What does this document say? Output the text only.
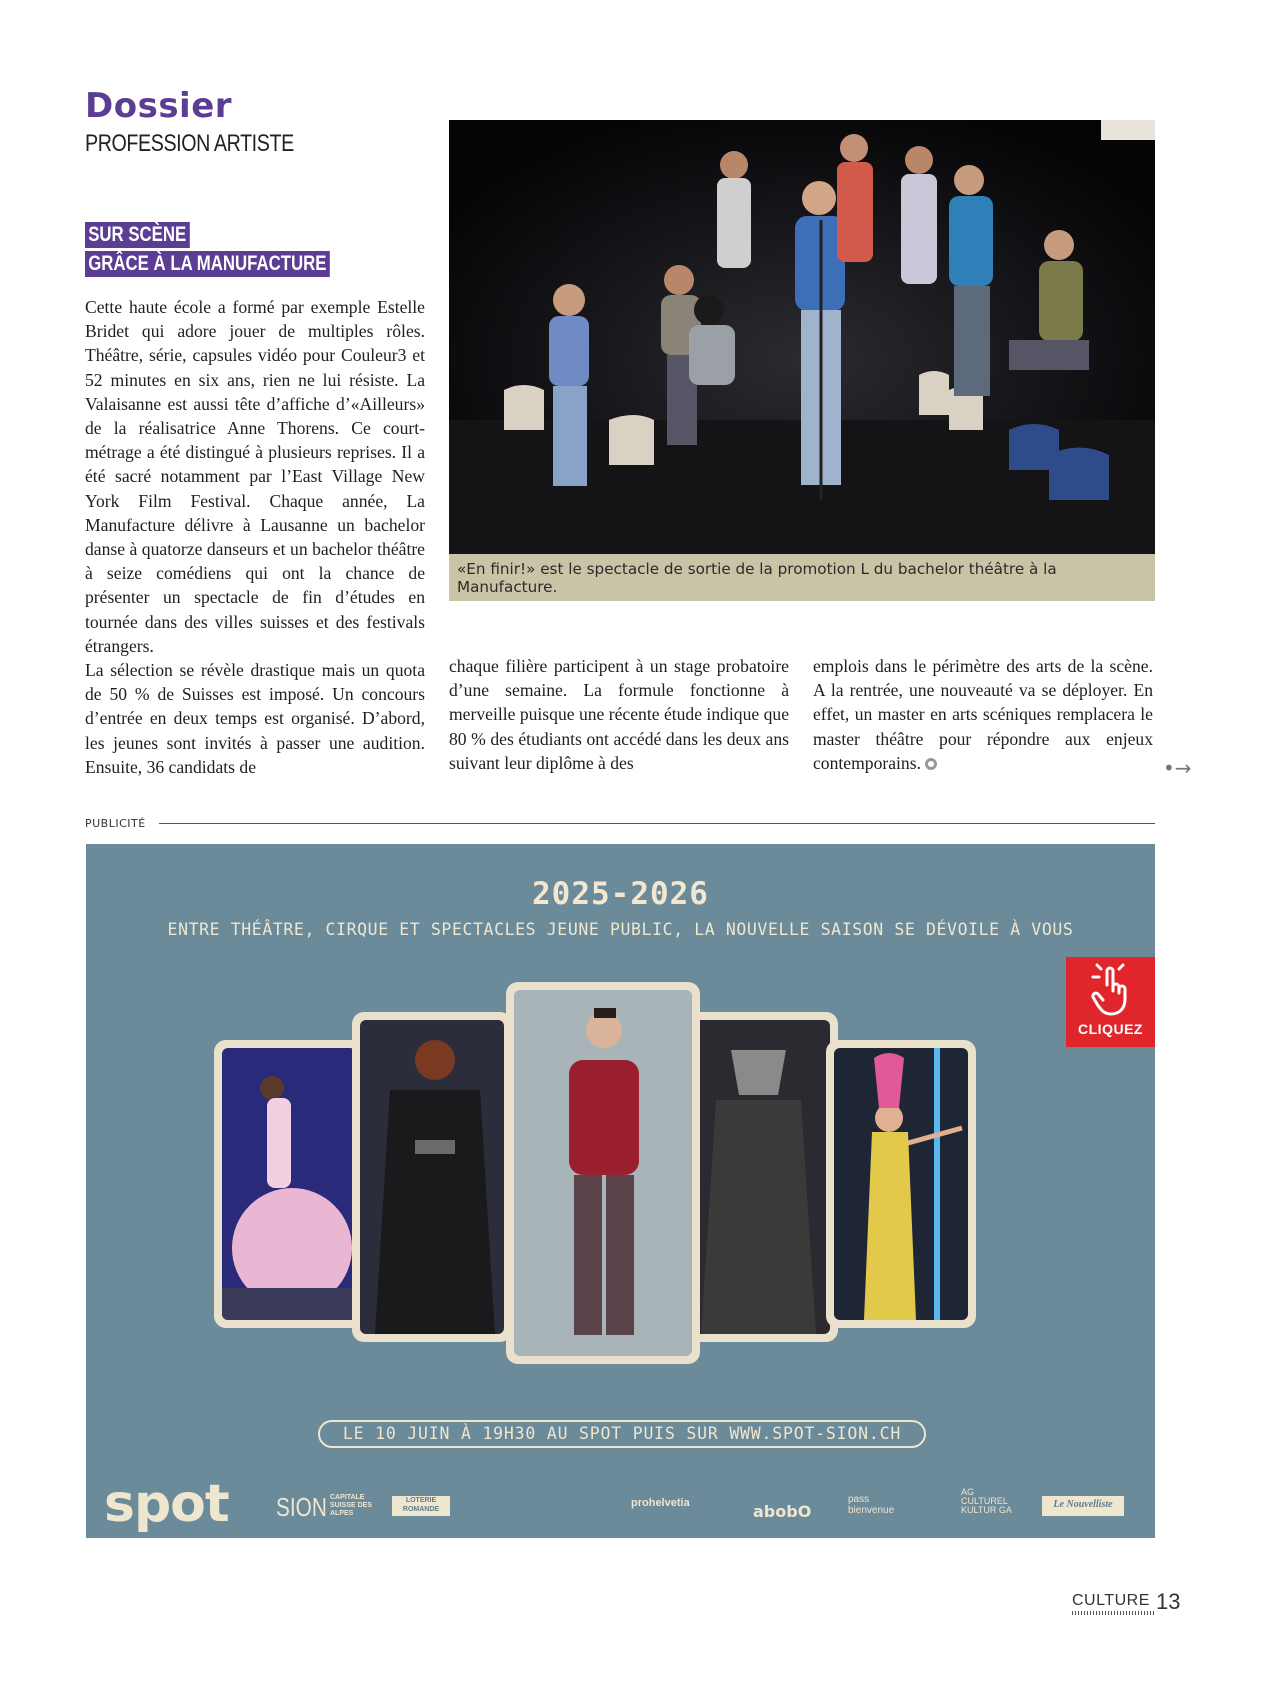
Dossier
PROFESSION ARTISTE
SUR SCÈNE
GRÂCE À LA MANUFACTURE

Cette haute école a formé par exemple Estelle Bridet qui adore jouer de multiples rôles. Théâtre, série, capsules vidéo pour Couleur3 et 52 minutes en six ans, rien ne lui résiste. La Valaisanne est aussi tête d’affiche d’«Ailleurs» de la réalisatrice Anne Thorens. Ce court-métrage a été distingué à plusieurs reprises. Il a été sacré notamment par l’East Village New York Film Festival. Chaque année, La Manufacture délivre à Lausanne un bachelor danse à quatorze danseurs et un bachelor théâtre à seize comédiens qui ont la chance de présenter un spectacle de fin d’études en tournée dans des villes suisses et des festivals étrangers.

La sélection se révèle drastique mais un quota de 50 % de Suisses est imposé. Un concours d’entrée en deux temps est organisé. D’abord, les jeunes sont invités à passer une audition. Ensuite, 36 candidats de

chaque filière participent à un stage probatoire d’une semaine. La formule fonctionne à merveille puisque une récente étude indique que 80 % des étudiants ont accédé dans les deux ans suivant leur diplôme à des

emplois dans le périmètre des arts de la scène. A la rentrée, une nouveauté va se déployer. En effet, un master en arts scéniques remplacera le master théâtre pour répondre aux enjeux contemporains.	•→
«En finir!» est le spectacle de sortie de la promotion L du bachelor théâtre à la Manufacture.
PUBLICITÉ
2025-2026
ENTRE THÉÂTRE, CIRQUE ET SPECTACLES JEUNE PUBLIC, LA NOUVELLE SAISON SE DÉVOILE À VOUS
LE 10 JUIN À 19H30 AU SPOT PUIS SUR WWW.SPOT-SION.CH
spot SION CAPITALE SUISSE DES ALPES
LOTERIE ROMANDE
prohelvetia	abobO
pass bienvenue
AG CULTUREL KULTUR GA	Le Nouvelliste
CLIQUEZ
CULTURE 13
